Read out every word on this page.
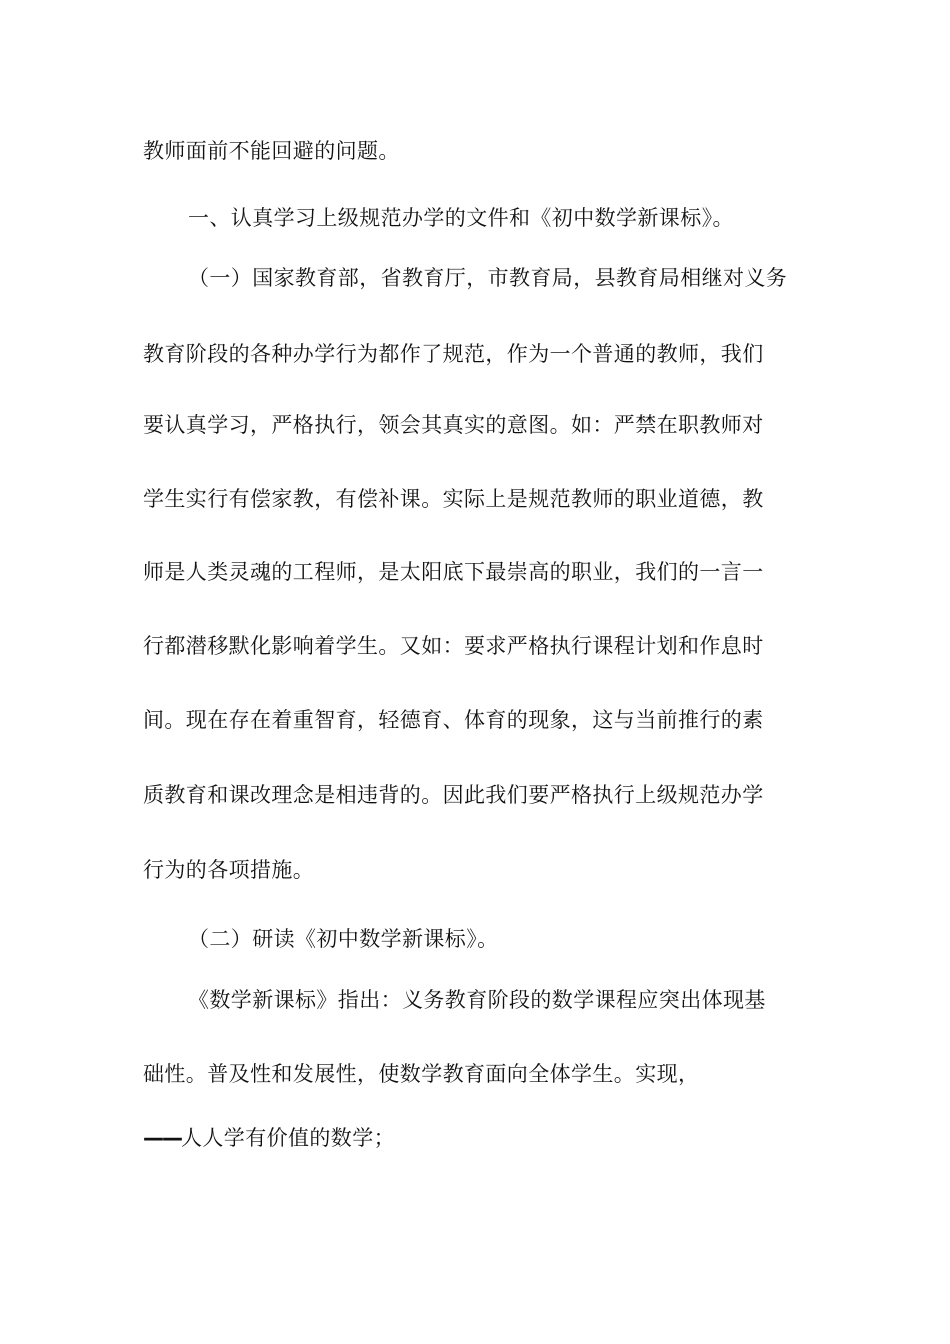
教师面前不能回避的问题。
一、认真学习上级规范办学的文件和《初中数学新课标》。
（一）国家教育部，省教育厅，市教育局，县教育局相继对义务
教育阶段的各种办学行为都作了规范，作为一个普通的教师，我们
要认真学习，严格执行，领会其真实的意图。如：严禁在职教师对
学生实行有偿家教，有偿补课。实际上是规范教师的职业道德，教
师是人类灵魂的工程师，是太阳底下最崇高的职业，我们的一言一
行都潜移默化影响着学生。又如：要求严格执行课程计划和作息时
间。现在存在着重智育，轻德育、体育的现象，这与当前推行的素
质教育和课改理念是相违背的。因此我们要严格执行上级规范办学
行为的各项措施。
（二）研读《初中数学新课标》。
《数学新课标》指出：义务教育阶段的数学课程应突出体现基
础性。普及性和发展性，使数学教育面向全体学生。实现，
——人人学有价值的数学；
